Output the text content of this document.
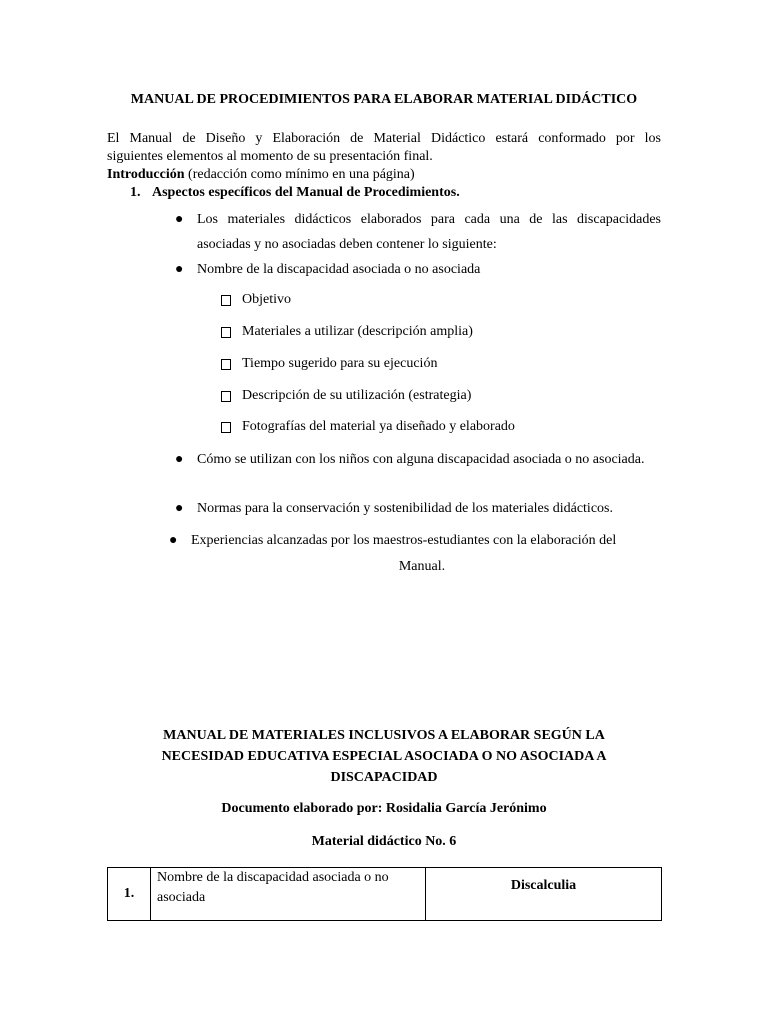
MANUAL DE PROCEDIMIENTOS PARA ELABORAR MATERIAL DIDÁCTICO

El Manual de Diseño y Elaboración de Material Didáctico estará conformado por los
siguientes elementos al momento de su presentación final.

Introducción (redacción como mínimo en una página)

1. Aspectos específicos del Manual de Procedimientos.

● Los materiales didácticos elaborados para cada una de las discapacidades asociadas y no asociadas deben contener lo siguiente:
● Nombre de la discapacidad asociada o no asociada
Objetivo
Materiales a utilizar (descripción amplia)
Tiempo sugerido para su ejecución
Descripción de su utilización (estrategia)
Fotografías del material ya diseñado y elaborado
● Cómo se utilizan con los niños con alguna discapacidad asociada o no asociada.
● Normas para la conservación y sostenibilidad de los materiales didácticos.
● Experiencias alcanzadas por los maestros-estudiantes con la elaboración del
Manual.
MANUAL DE MATERIALES INCLUSIVOS A ELABORAR SEGÚN LA
NECESIDAD EDUCATIVA ESPECIAL ASOCIADA O NO ASOCIADA A
DISCAPACIDAD

Documento elaborado por: Rosidalia García Jerónimo

Material didáctico No. 6

1.	Nombre de la discapacidad asociada o no asociada	Discalculia
